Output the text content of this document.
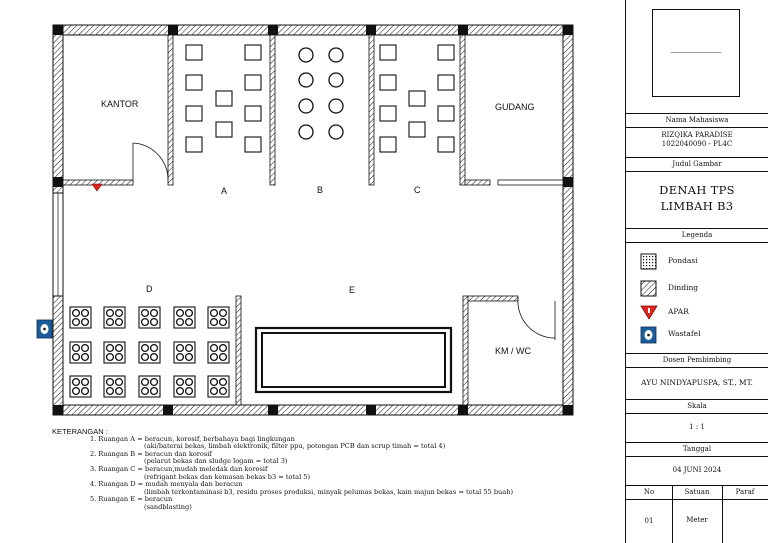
KANTOR	GUDANG
A	B	C
D	E
KM / WC
KETERANGAN :
1. Ruangan A = beracun, korosif, berbahaya bagi lingkungan
(aki/baterai bekas, limbah elektronik, filter ppu, potongan PCB dan scrup timah = total 4)
2. Ruangan B = beracun dan korosif
(pelarut bekas dan sludge logam = total 3)
3. Ruangan C = beracun,mudah meledak dan korosif
(refrigant bekas dan kemasan bekas b3 = total 5)
4. Ruangan D = mudah menyala dan beracun
(limbah terkontaminasi b3, residu proses produksi, minyak pelumas bekas, kain majun bekas = total 55 buah)
5. Ruangan E = beracun
(sandblasting)
Nama Mahasiswa
RIZQIKA PARADISE
1022040090 - PL4C
Judul Gambar
DENAH TPS
LIMBAH B3
Legenda
Pondasi
Dinding
APAR
Wastafel
Dosen Pembimbing
AYU NINDYAPUSPA, ST., MT.
Skala
1 : 1
Tanggal
04 JUNI 2024
No	Satuan	Paraf
01	Meter
